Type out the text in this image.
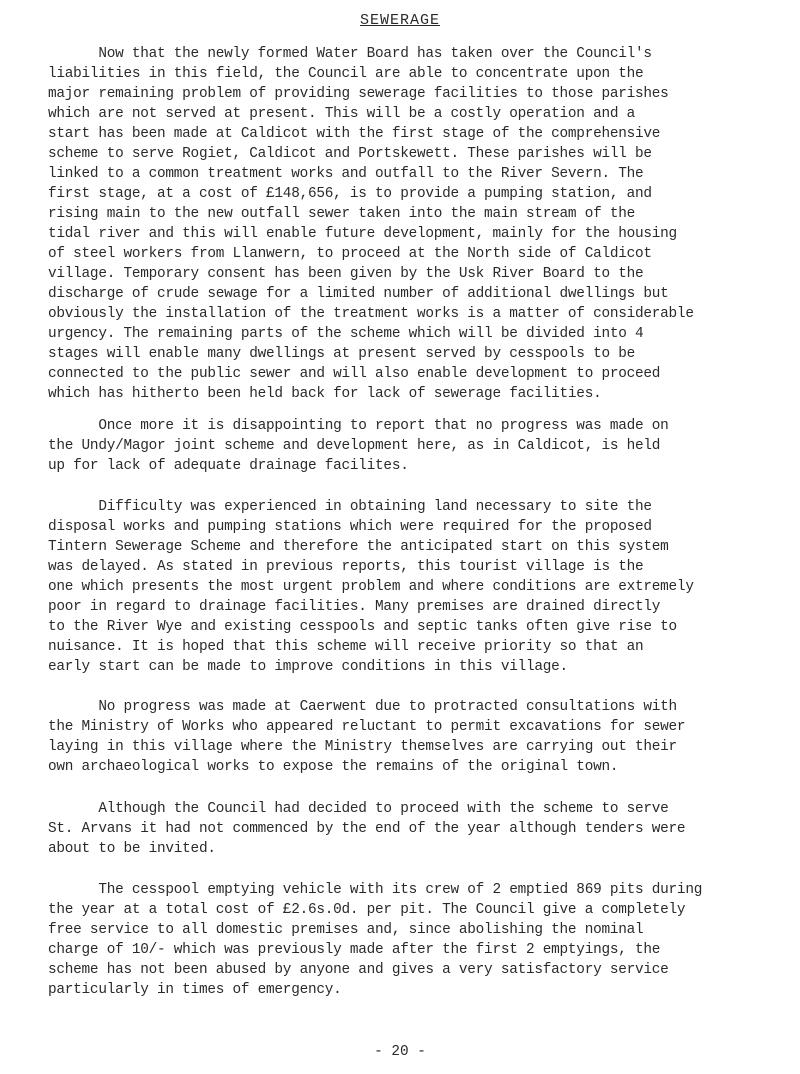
SEWERAGE
Now that the newly formed Water Board has taken over the Council's
liabilities in this field, the Council are able to concentrate upon the
major remaining problem of providing sewerage facilities to those parishes
which are not served at present. This will be a costly operation and a
start has been made at Caldicot with the first stage of the comprehensive
scheme to serve Rogiet, Caldicot and Portskewett. These parishes will be
linked to a common treatment works and outfall to the River Severn. The
first stage, at a cost of £148,656, is to provide a pumping station, and
rising main to the new outfall sewer taken into the main stream of the
tidal river and this will enable future development, mainly for the housing
of steel workers from Llanwern, to proceed at the North side of Caldicot
village. Temporary consent has been given by the Usk River Board to the
discharge of crude sewage for a limited number of additional dwellings but
obviously the installation of the treatment works is a matter of considerable
urgency. The remaining parts of the scheme which will be divided into 4
stages will enable many dwellings at present served by cesspools to be
connected to the public sewer and will also enable development to proceed
which has hitherto been held back for lack of sewerage facilities.
Once more it is disappointing to report that no progress was made on
the Undy/Magor joint scheme and development here, as in Caldicot, is held
up for lack of adequate drainage facilites.
Difficulty was experienced in obtaining land necessary to site the
disposal works and pumping stations which were required for the proposed
Tintern Sewerage Scheme and therefore the anticipated start on this system
was delayed. As stated in previous reports, this tourist village is the
one which presents the most urgent problem and where conditions are extremely
poor in regard to drainage facilities. Many premises are drained directly
to the River Wye and existing cesspools and septic tanks often give rise to
nuisance. It is hoped that this scheme will receive priority so that an
early start can be made to improve conditions in this village.
No progress was made at Caerwent due to protracted consultations with
the Ministry of Works who appeared reluctant to permit excavations for sewer
laying in this village where the Ministry themselves are carrying out their
own archaeological works to expose the remains of the original town.
Although the Council had decided to proceed with the scheme to serve
St. Arvans it had not commenced by the end of the year although tenders were
about to be invited.
The cesspool emptying vehicle with its crew of 2 emptied 869 pits during
the year at a total cost of £2.6s.0d. per pit. The Council give a completely
free service to all domestic premises and, since abolishing the nominal
charge of 10/- which was previously made after the first 2 emptyings, the
scheme has not been abused by anyone and gives a very satisfactory service
particularly in times of emergency.
- 20 -
